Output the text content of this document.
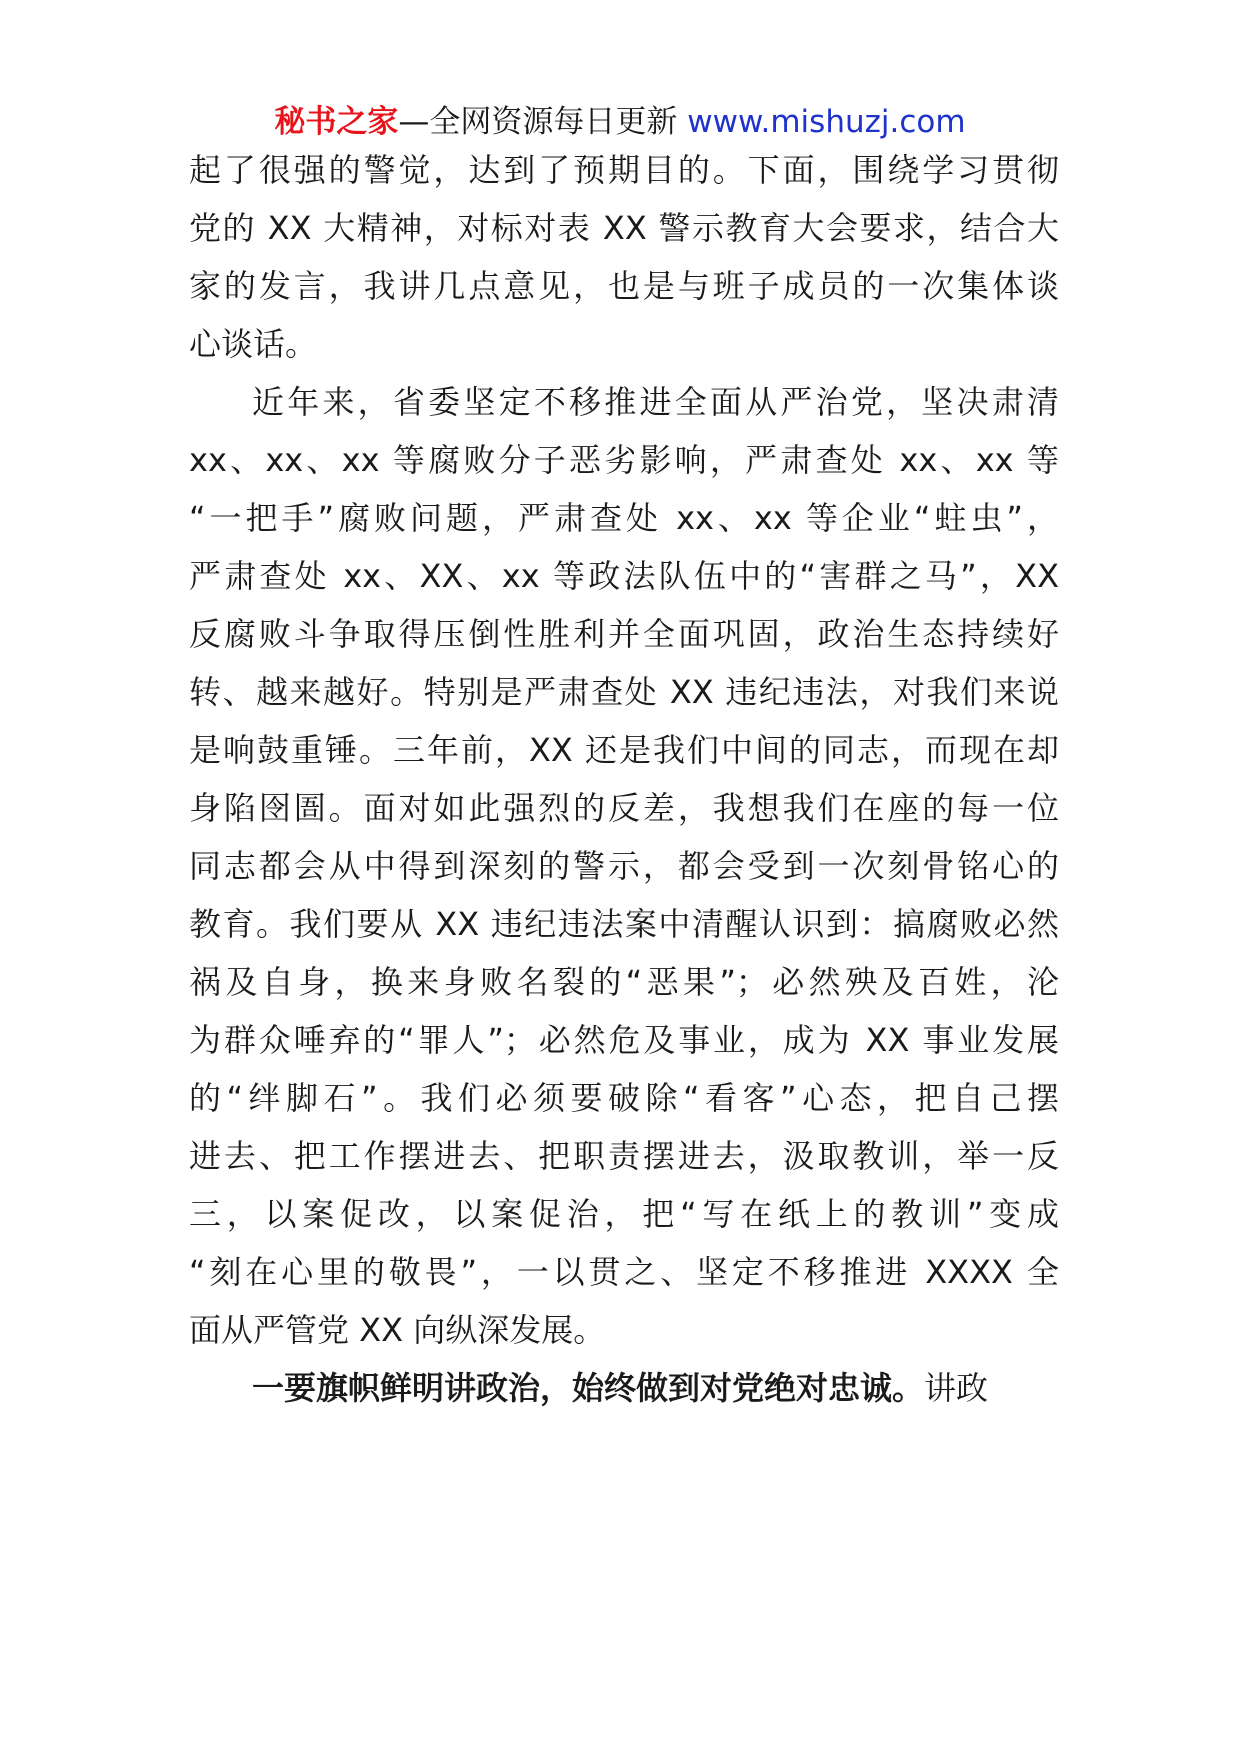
秘书之家—全网资源每日更新 www.mishuzj.com
起了很强的警觉，达到了预期目的。下面，围绕学习贯彻
党的 XX 大精神，对标对表 XX 警示教育大会要求，结合大
家的发言，我讲几点意见，也是与班子成员的一次集体谈
心谈话。
近年来，省委坚定不移推进全面从严治党，坚决肃清
xx、xx、xx 等腐败分子恶劣影响，严肃查处 xx、xx 等
“一把手”腐败问题，严肃查处 xx、xx 等企业“蛀虫”，
严肃查处 xx、XX、xx 等政法队伍中的“害群之马”，XX
反腐败斗争取得压倒性胜利并全面巩固，政治生态持续好
转、越来越好。特别是严肃查处 XX 违纪违法，对我们来说
是响鼓重锤。三年前，XX 还是我们中间的同志，而现在却
身陷囹圄。面对如此强烈的反差，我想我们在座的每一位
同志都会从中得到深刻的警示，都会受到一次刻骨铭心的
教育。我们要从 XX 违纪违法案中清醒认识到：搞腐败必然
祸及自身，换来身败名裂的“恶果”；必然殃及百姓，沦
为群众唾弃的“罪人”；必然危及事业，成为 XX 事业发展
的“绊脚石”。我们必须要破除“看客”心态，把自己摆
进去、把工作摆进去、把职责摆进去，汲取教训，举一反
三，以案促改，以案促治，把“写在纸上的教训”变成
“刻在心里的敬畏”，一以贯之、坚定不移推进 XXXX 全
面从严管党 XX 向纵深发展。
一要旗帜鲜明讲政治，始终做到对党绝对忠诚。讲政
